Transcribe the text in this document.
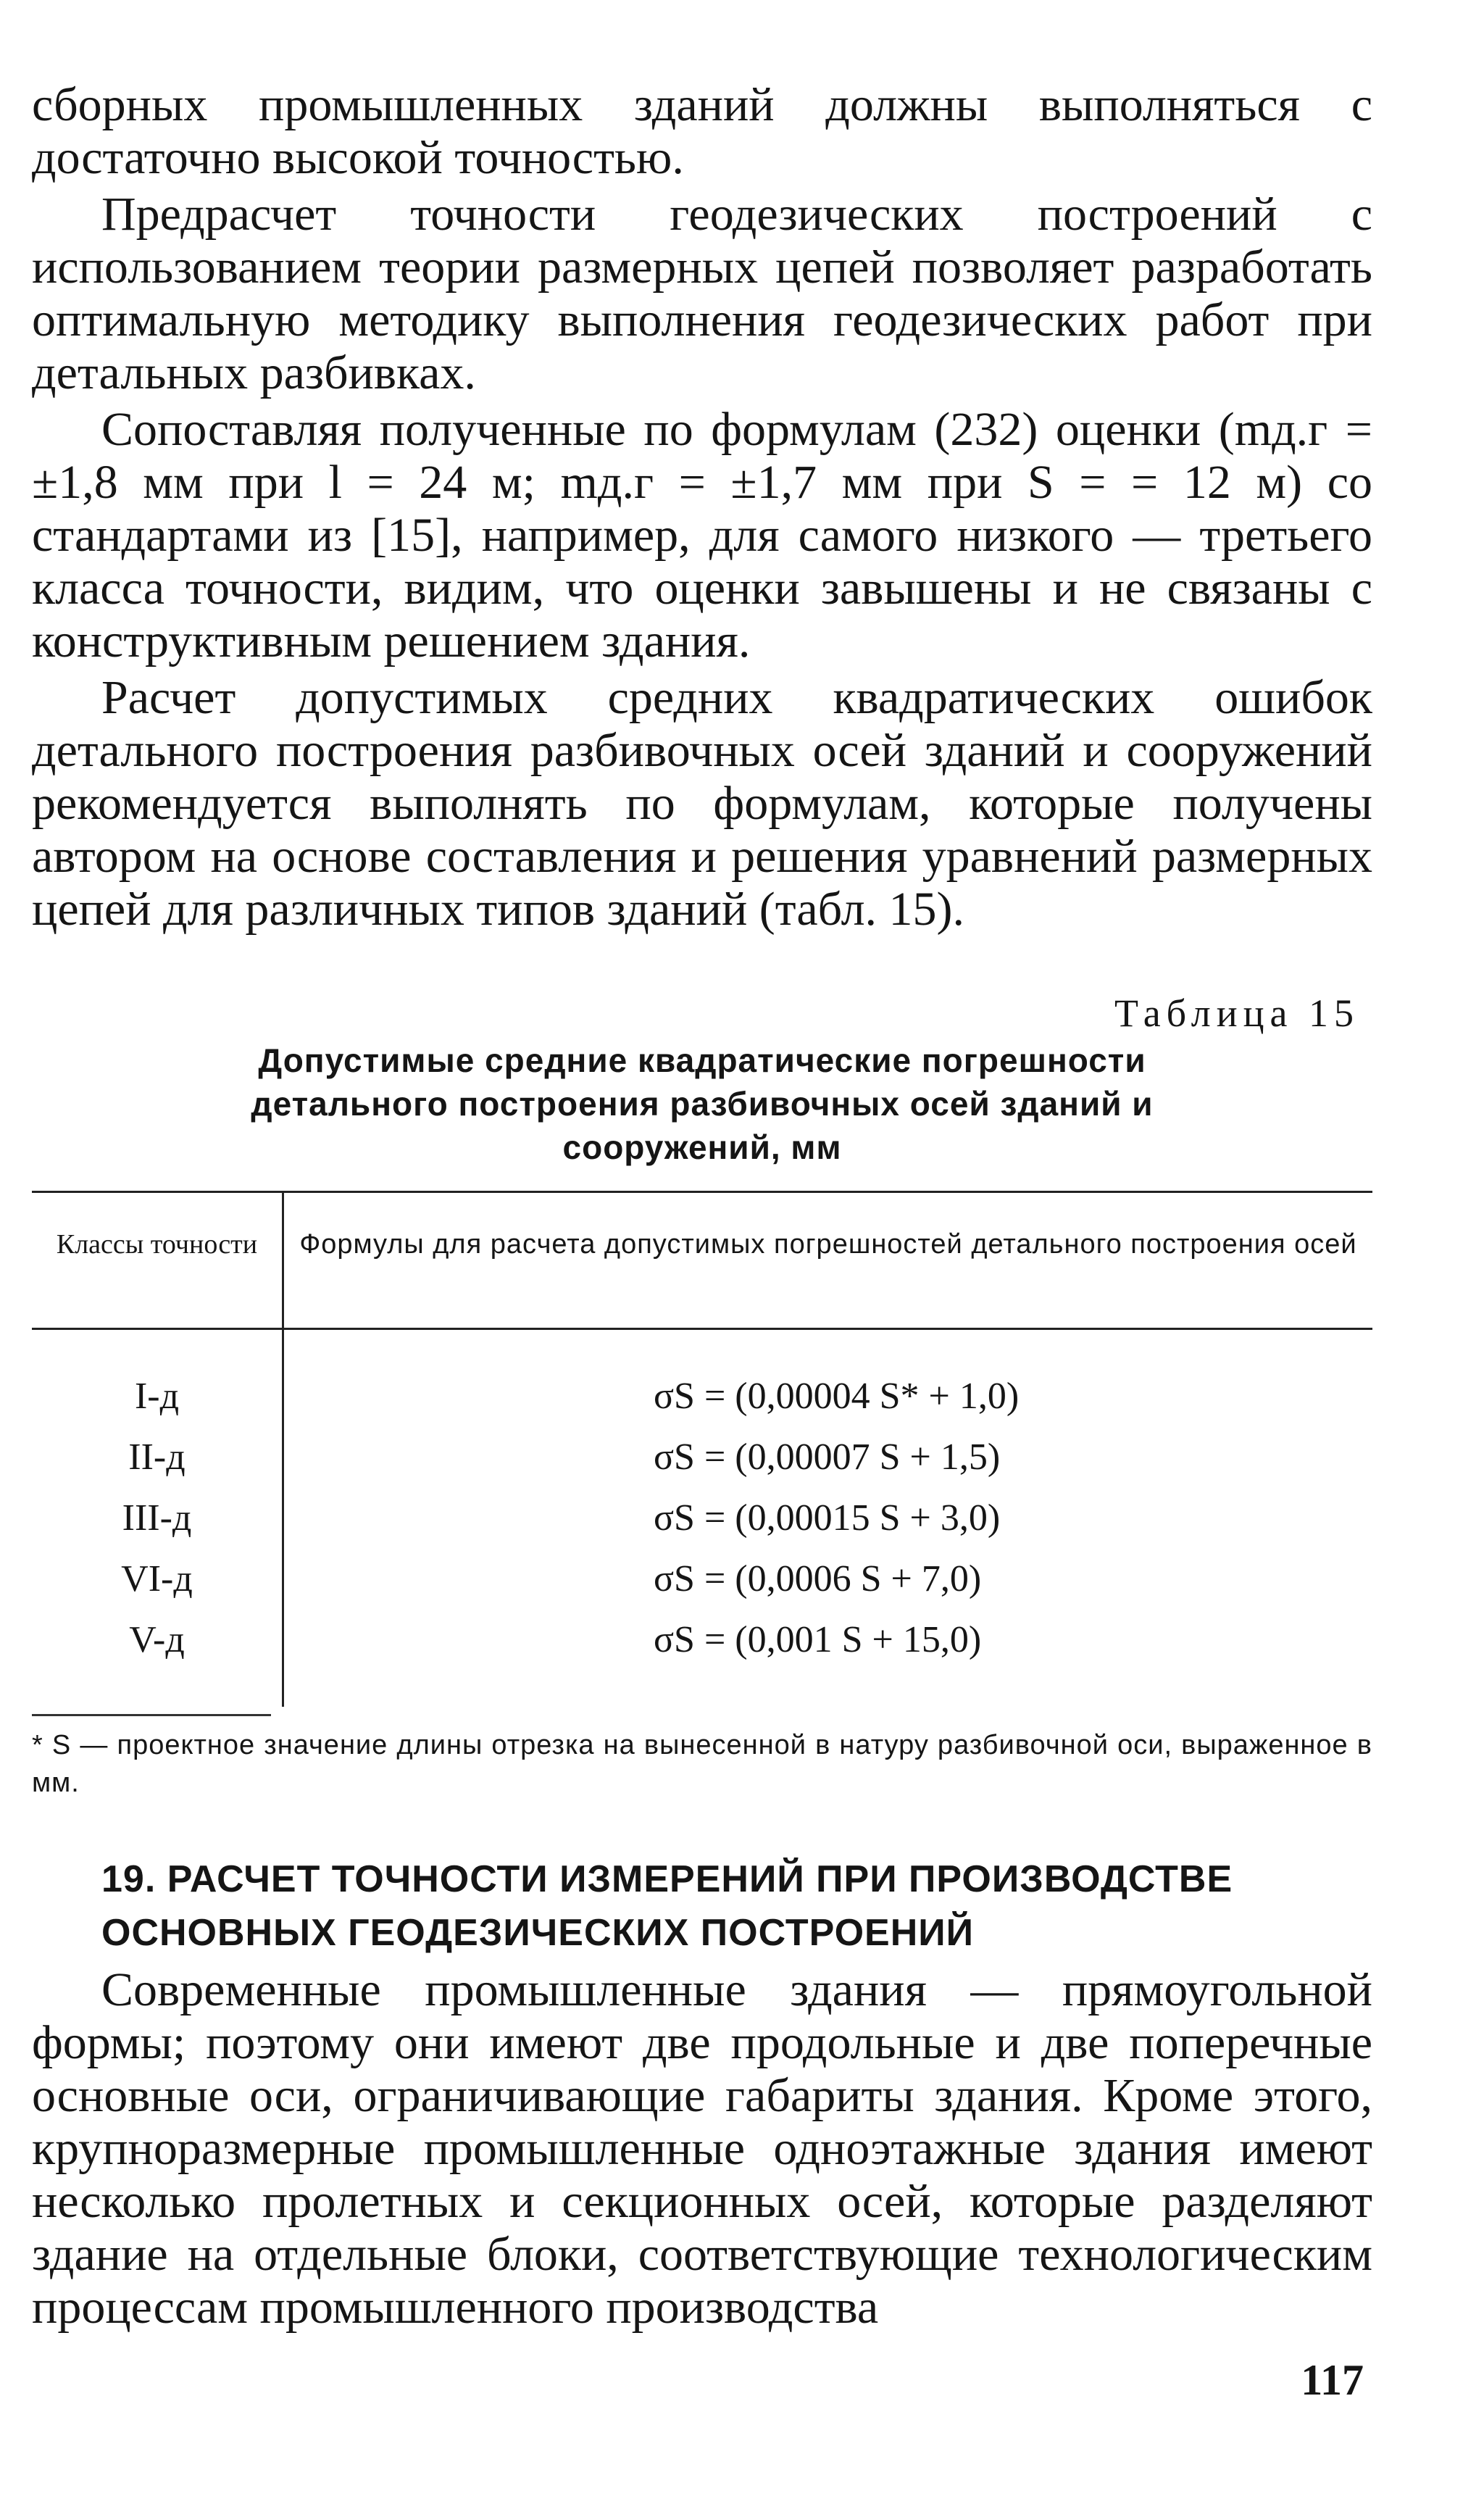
сборных промышленных зданий должны выполняться с достаточно высокой точностью.

Предрасчет точности геодезических построений с использованием теории размерных цепей позволяет разработать оптимальную методику выполнения геодезических работ при детальных разбивках.

Сопоставляя полученные по формулам (232) оценки (mд.г = ±1,8 мм при l = 24 м; mд.г = ±1,7 мм при S = = 12 м) со стандартами из [15], например, для самого низкого — третьего класса точности, видим, что оценки завышены и не связаны с конструктивным решением здания.

Расчет допустимых средних квадратических ошибок детального построения разбивочных осей зданий и сооружений рекомендуется выполнять по формулам, которые получены автором на основе составления и решения уравнений размерных цепей для различных типов зданий (табл. 15).

Таблица 15
Допустимые средние квадратические погрешности детального построения разбивочных осей зданий и сооружений, мм
Классы точности	Формулы для расчета допустимых погрешностей детального построения осей
I-д
II-д
III-д
VI-д
V-д
σS = (0,00004 S* + 1,0)
σS = (0,00007 S + 1,5)
σS = (0,00015 S + 3,0)
σS = (0,0006 S + 7,0)
σS = (0,001 S + 15,0)
* S — проектное значение длины отрезка на вынесенной в натуру разбивочной оси, выраженное в мм.
19. РАСЧЕТ ТОЧНОСТИ ИЗМЕРЕНИЙ ПРИ ПРОИЗВОДСТВЕ ОСНОВНЫХ ГЕОДЕЗИЧЕСКИХ ПОСТРОЕНИЙ

Современные промышленные здания — прямоугольной формы; поэтому они имеют две продольные и две поперечные основные оси, ограничивающие габариты здания. Кроме этого, крупноразмерные промышленные одноэтажные здания имеют несколько пролетных и секционных осей, которые разделяют здание на отдельные блоки, соответствующие технологическим процессам промышленного производства

117
